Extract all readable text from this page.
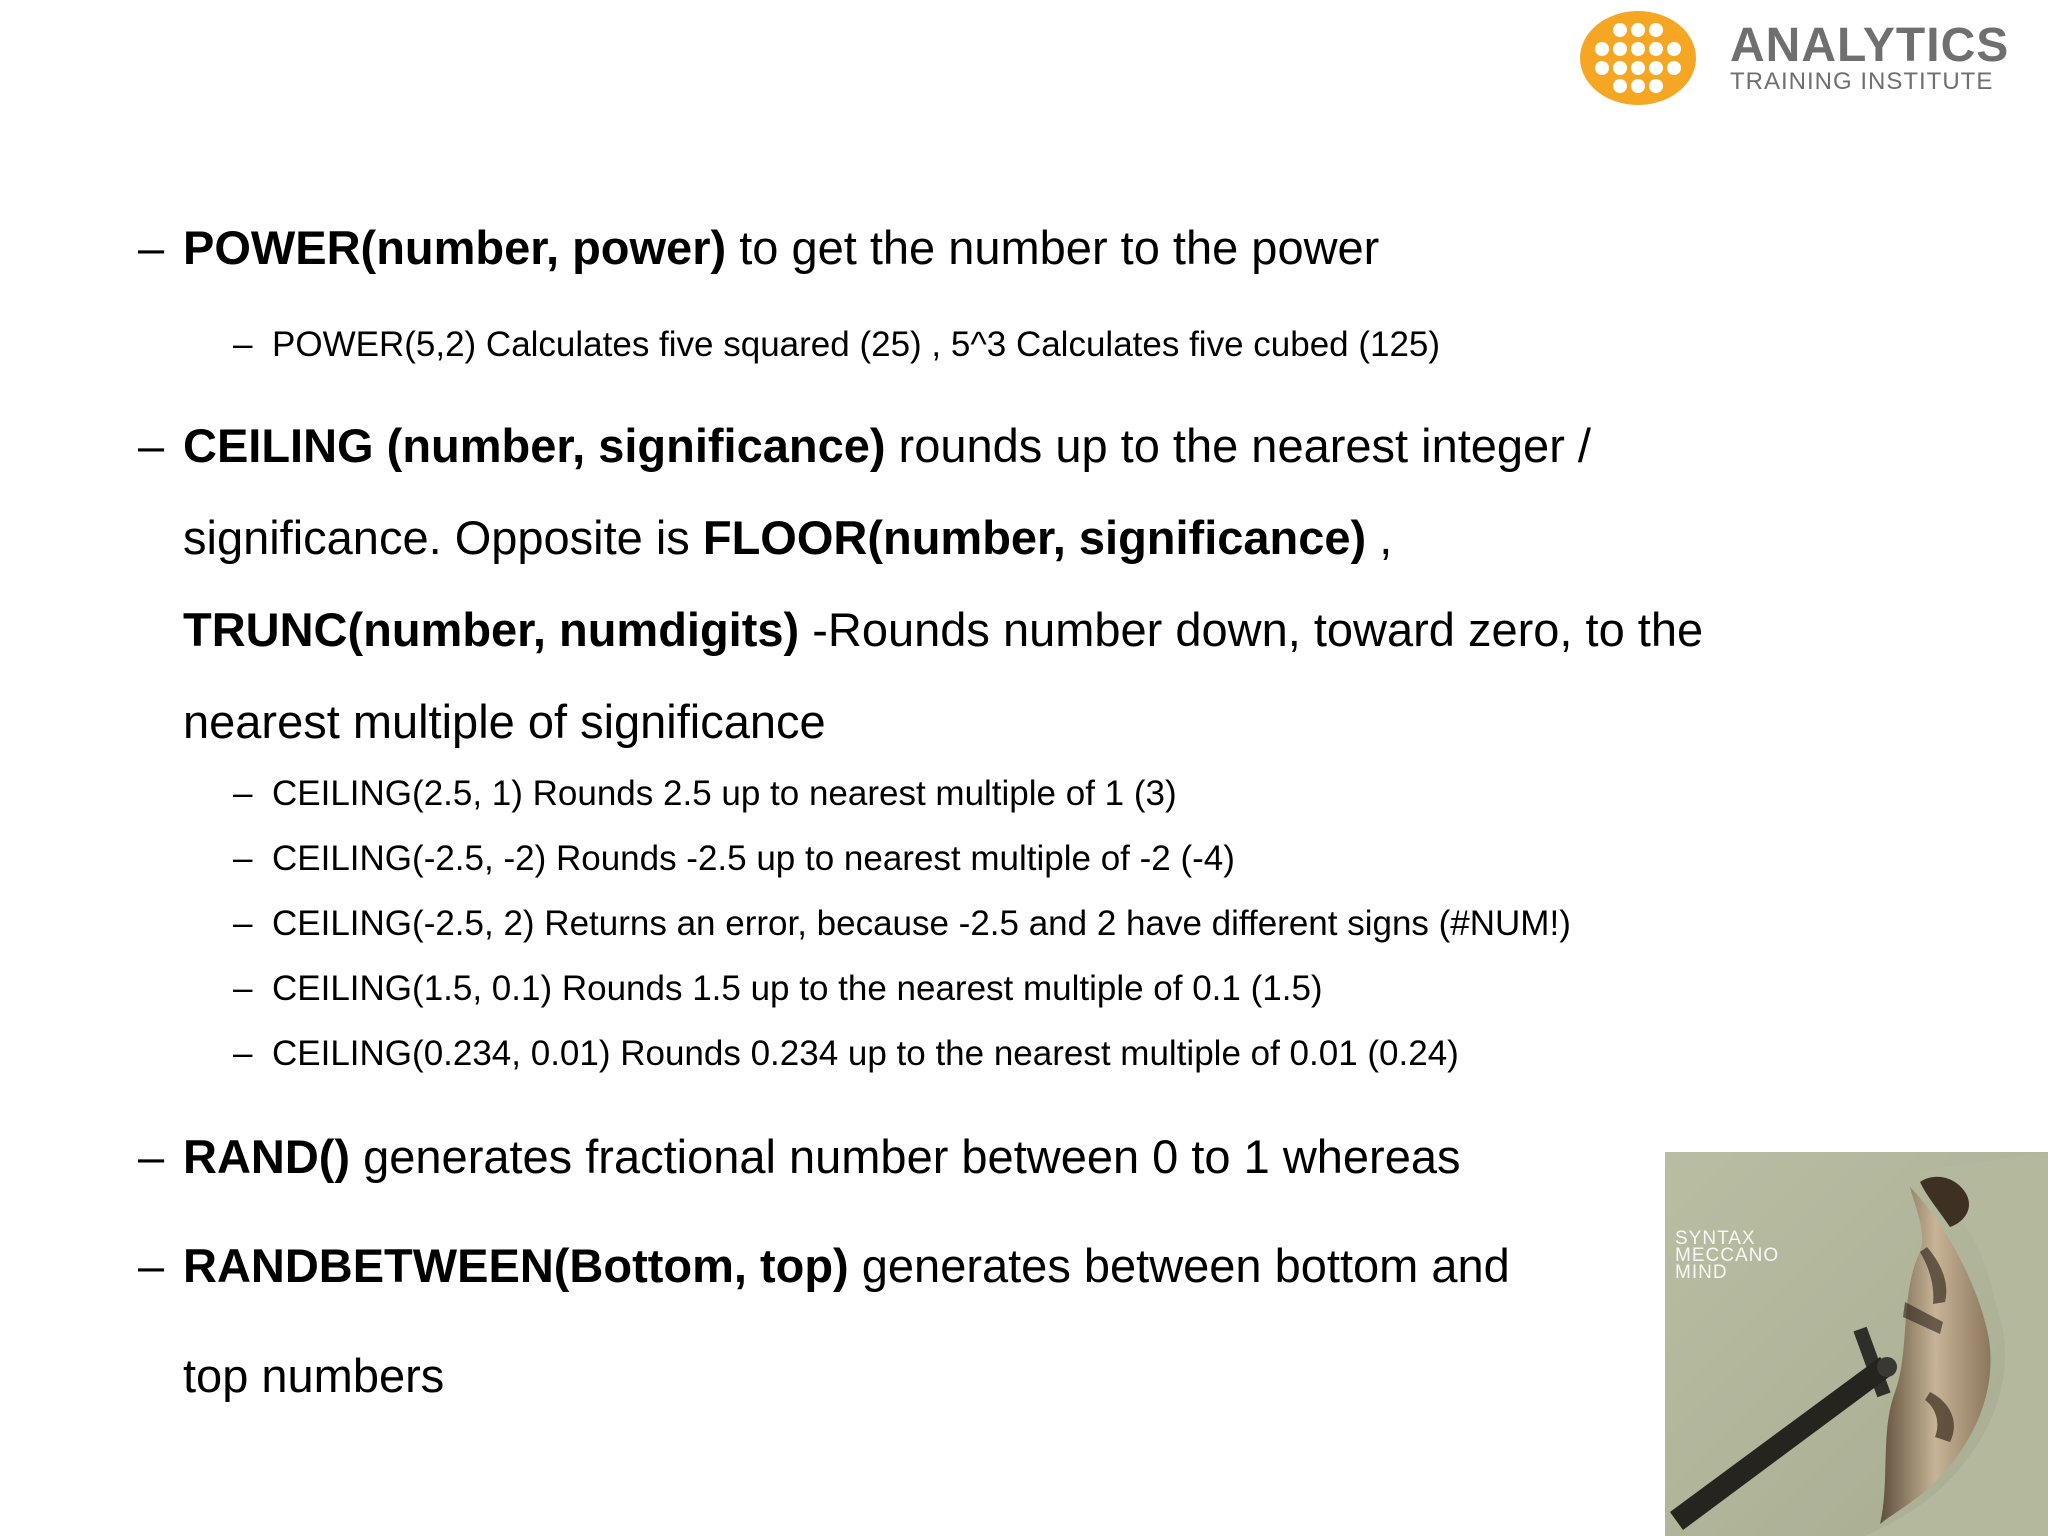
ANALYTICS
TRAINING INSTITUTE
– POWER(number, power) to get the number to the power
– POWER(5,2) Calculates five squared (25) , 5^3 Calculates five cubed (125)
– CEILING (number, significance) rounds up to the nearest integer / significance. Opposite is FLOOR(number, significance) , TRUNC(number, numdigits) -Rounds number down, toward zero, to the nearest multiple of significance
– CEILING(2.5, 1) Rounds 2.5 up to nearest multiple of 1 (3)
– CEILING(-2.5, -2) Rounds -2.5 up to nearest multiple of -2 (-4)
– CEILING(-2.5, 2) Returns an error, because -2.5 and 2 have different signs (#NUM!)
– CEILING(1.5, 0.1) Rounds 1.5 up to the nearest multiple of 0.1 (1.5)
– CEILING(0.234, 0.01) Rounds 0.234 up to the nearest multiple of 0.01 (0.24)
– RAND() generates fractional number between 0 to 1 whereas
– RANDBETWEEN(Bottom, top) generates between bottom and top numbers
SYNTAX
MECCANO
MIND
